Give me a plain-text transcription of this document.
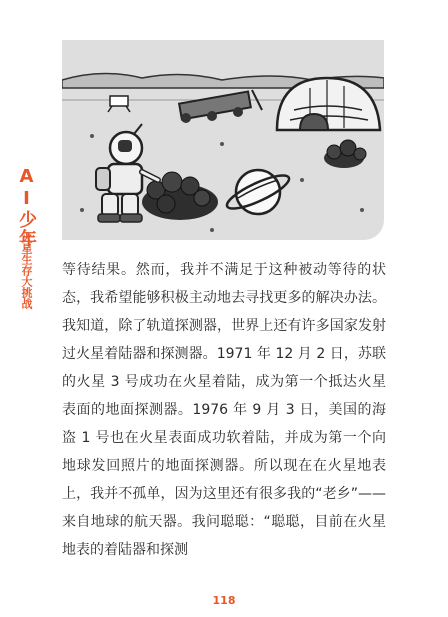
AI少年
火星生存大挑战 等待结果。然而，我并不满足于这种被动等待的状态，我希望能够积极主动地去寻找更多的解决办法。我知道，除了轨道探测器，世界上还有许多国家发射过火星着陆器和探测器。1971 年 12 月 2 日，苏联的火星 3 号成功在火星着陆，成为第一个抵达火星表面的地面探测器。1976 年 9 月 3 日，美国的海盗 1 号也在火星表面成功软着陆，并成为第一个向地球发回照片的地面探测器。所以现在在火星地表上，我并不孤单，因为这里还有很多我的“老乡”——来自地球的航天器。我问聪聪：“聪聪，目前在火星地表的着陆器和探测

118
